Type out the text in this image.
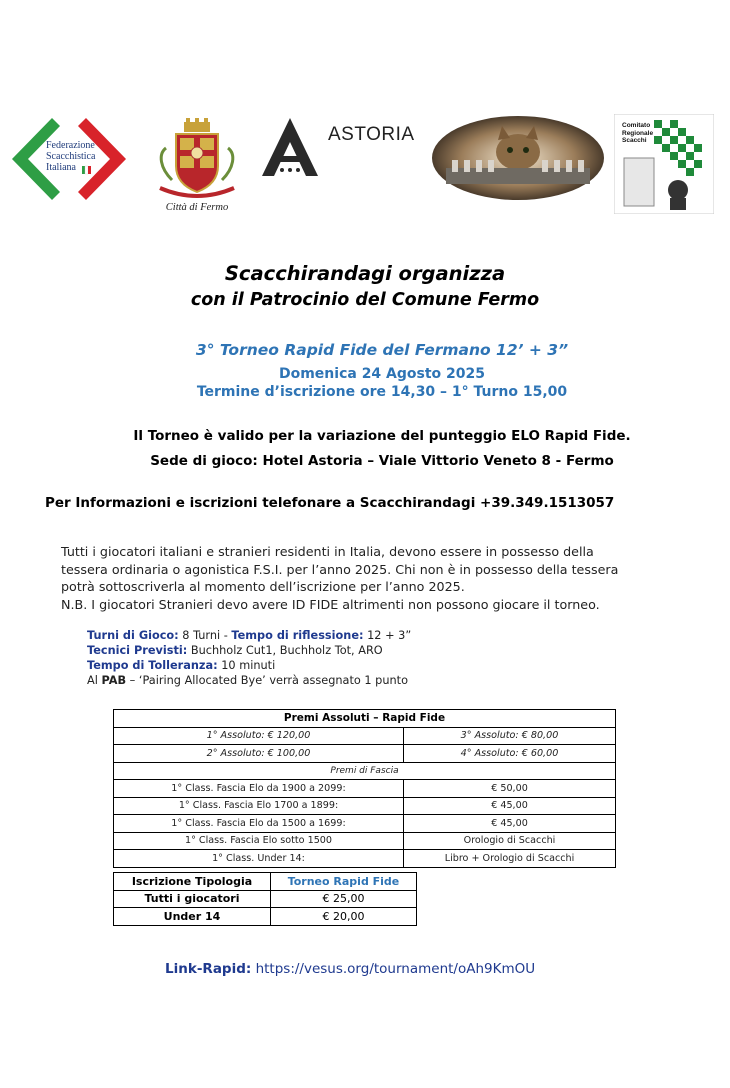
Federazione
Scacchistica
Italiana
Città di Fermo
ASTORIA	Comitato
Regionale
Scacchi
Scacchirandagi organizza
con il Patrocinio del Comune Fermo
3° Torneo Rapid Fide del Fermano 12’ + 3”
Domenica 24 Agosto 2025
Termine d’iscrizione ore 14,30 – 1° Turno 15,00
Il Torneo è valido per la variazione del punteggio ELO Rapid Fide.
Sede di gioco: Hotel Astoria – Viale Vittorio Veneto 8 - Fermo
Per Informazioni e iscrizioni telefonare a Scacchirandagi +39.349.1513057
Tutti i giocatori italiani e stranieri residenti in Italia, devono essere in possesso della
tessera ordinaria o agonistica F.S.I. per l’anno 2025. Chi non è in possesso della tessera
potrà sottoscriverla al momento dell’iscrizione per l’anno 2025.
N.B. I giocatori Stranieri devo avere ID FIDE altrimenti non possono giocare il torneo.
Turni di Gioco: 8 Turni - Tempo di riflessione: 12 + 3”
Tecnici Previsti: Buchholz Cut1, Buchholz Tot, ARO
Tempo di Tolleranza: 10 minuti
Al PAB – ‘Pairing Allocated Bye’ verrà assegnato 1 punto
Premi Assoluti – Rapid Fide	
1° Assoluto: € 120,00	3° Assoluto: € 80,00
2° Assoluto: € 100,00	4° Assoluto: € 60,00
Premi di Fascia	
1° Class. Fascia Elo da 1900 a 2099:	€ 50,00
1° Class. Fascia Elo 1700 a 1899:	€ 45,00
1° Class. Fascia Elo da 1500 a 1699:	€ 45,00
1° Class. Fascia Elo sotto 1500	Orologio di Scacchi
1° Class. Under 14:	Libro + Orologio di Scacchi
Iscrizione Tipologia	Torneo Rapid Fide
Tutti i giocatori	€ 25,00
Under 14	€ 20,00
Link-Rapid: https://vesus.org/tournament/oAh9KmOU
